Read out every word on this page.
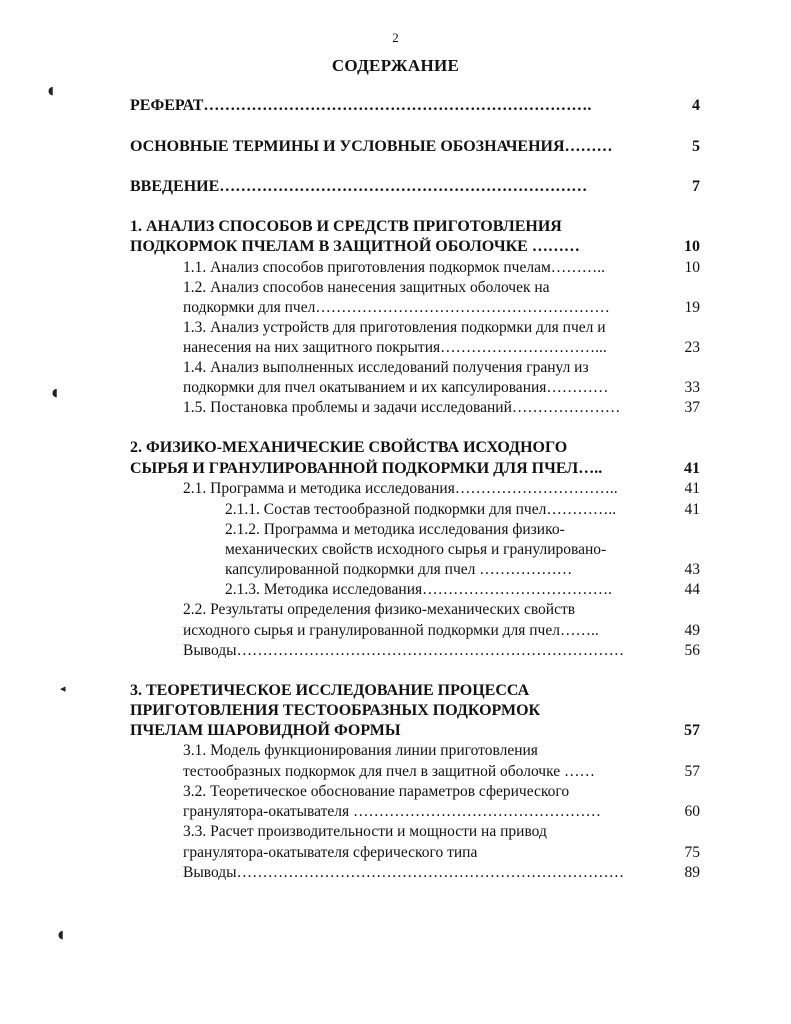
2
СОДЕРЖАНИЕ
◖
◖
◂
◖
РЕФЕРАТ……………………………………………………………….	4
ОСНОВНЫЕ ТЕРМИНЫ И УСЛОВНЫЕ ОБОЗНАЧЕНИЯ………	5
ВВЕДЕНИЕ……………………………………………………………	7
1. АНАЛИЗ СПОСОБОВ И СРЕДСТВ ПРИГОТОВЛЕНИЯ
ПОДКОРМОК ПЧЕЛАМ В ЗАЩИТНОЙ ОБОЛОЧКЕ ………	10
1.1. Анализ способов приготовления подкормок пчелам………..	10
1.2. Анализ способов нанесения защитных оболочек на
подкормки для пчел…………………………………………………	19
1.3. Анализ устройств для приготовления подкормки для пчел и
нанесения на них защитного покрытия…………………………...	23
1.4. Анализ выполненных исследований получения гранул из
подкормки для пчел окатыванием и их капсулирования…………	33
1.5. Постановка проблемы и задачи исследований…………………	37
2. ФИЗИКО-МЕХАНИЧЕСКИЕ СВОЙСТВА ИСХОДНОГО
СЫРЬЯ И ГРАНУЛИРОВАННОЙ ПОДКОРМКИ ДЛЯ ПЧЕЛ…..	41
2.1. Программа и методика исследования…………………………..	41
2.1.1. Состав тестообразной подкормки для пчел…………..	41
2.1.2. Программа и методика исследования физико-
механических свойств исходного сырья и гранулировано-
капсулированной подкормки для пчел ………………	43
2.1.3. Методика исследования……………………………….	44
2.2. Результаты определения физико-механических свойств
исходного сырья и гранулированной подкормки для пчел……..	49
Выводы…………………………………………………………………	56
3. ТЕОРЕТИЧЕСКОЕ ИССЛЕДОВАНИЕ ПРОЦЕССА
ПРИГОТОВЛЕНИЯ ТЕСТООБРАЗНЫХ ПОДКОРМОК
ПЧЕЛАМ ШАРОВИДНОЙ ФОРМЫ	57
3.1. Модель функционирования линии приготовления
тестообразных подкормок для пчел в защитной оболочке ……	57
3.2. Теоретическое обоснование параметров сферического
гранулятора-окатывателя …………………………………………	60
3.3. Расчет производительности и мощности на привод
гранулятора-окатывателя сферического типа	75
Выводы…………………………………………………………………	89
